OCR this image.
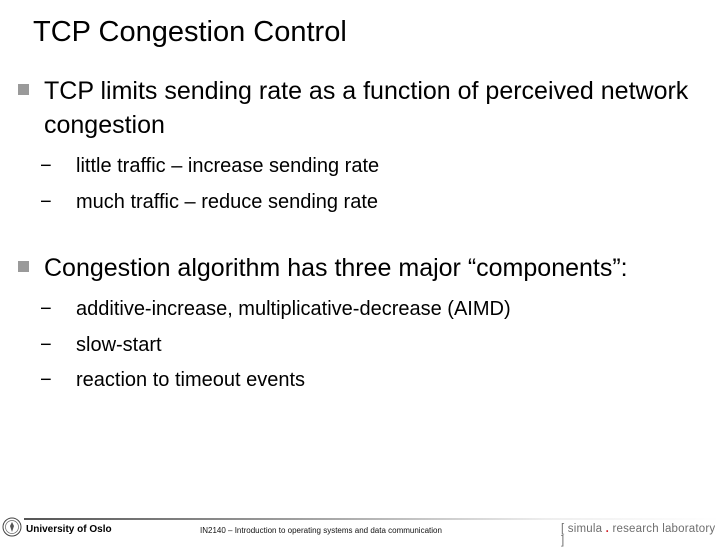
TCP Congestion Control
TCP limits sending rate as a function of perceived network congestion
− little traffic – increase sending rate
− much traffic – reduce sending rate
Congestion algorithm has three major “components”:
− additive-increase, multiplicative-decrease (AIMD)
− slow-start
− reaction to timeout events
University of Oslo	IN2140 – Introduction to operating systems and data communication	[ simula . research laboratory ]
